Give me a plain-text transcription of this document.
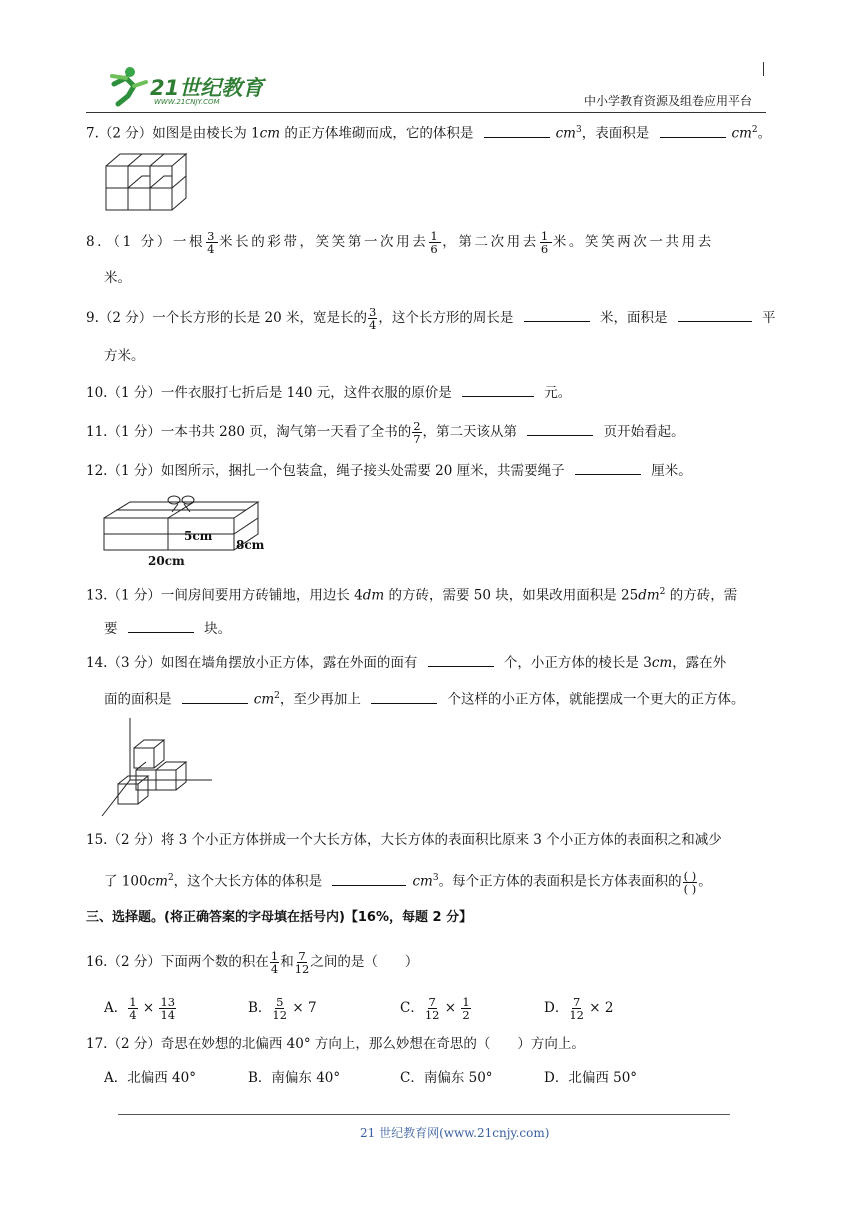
21世纪教育
WWW.21CNJY.COM	中小学教育资源及组卷应用平台
7.（2 分）如图是由棱长为 1cm 的正方体堆砌而成，它的体积是	$cm^3$，表面积是	$cm^2$。
8．（1 分）一根 $\frac{3}{4}$ 米长的彩带，笑笑第一次用去 $\frac{1}{6}$ ，第二次用去 $\frac{1}{6}$ 米。笑笑两次一共用去
米。
9.（2 分）一个长方形的长是 20 米，宽是长的 $\frac{3}{4}$ ，这个长方形的周长是	米，面积是	平
方米。
10.（1 分）一件衣服打七折后是 140 元，这件衣服的原价是	元。
11.（1 分）一本书共 280 页，淘气第一天看了全书的 $\frac{2}{7}$ ，第二天该从第	页开始看起。
12.（1 分）如图所示，捆扎一个包装盒，绳子接头处需要 20 厘米，共需要绳子	厘米。
5cm
8cm
20cm
13.（1 分）一间房间要用方砖铺地，用边长 4dm 的方砖，需要 50 块，如果改用面积是 $25dm^2$ 的方砖，需
要	块。
14.（3 分）如图在墙角摆放小正方体，露在外面的面有	个，小正方体的棱长是 3cm，露在外
面的面积是	$cm^2$，至少再加上	个这样的小正方体，就能摆成一个更大的正方体。
15.（2 分）将 3 个小正方体拼成一个大长方体，大长方体的表面积比原来 3 个小正方体的表面积之和减少
了 $100cm^2$，这个大长方体的体积是	$cm^3$。每个正方体的表面积是长方体表面积的 $\frac{( )}{( )}$ 。
三、选择题。(将正确答案的字母填在括号内)【16%，每题 2 分】
16.（2 分）下面两个数的积在 $\frac{1}{4}$ 和 $\frac{7}{12}$ 之间的是（　　）
A． $\frac{1}{4} \times \frac{13}{14}$	B． $\frac{5}{12} \times 7$	C． $\frac{7}{12} \times \frac{1}{2}$	D． $\frac{7}{12} \times 2$
17.（2 分）奇思在妙想的北偏西 40° 方向上，那么妙想在奇思的（　　）方向上。
A．北偏西 40°	B．南偏东 40°	C．南偏东 50°	D．北偏西 50°
21 世纪教育网(www.21cnjy.com)
